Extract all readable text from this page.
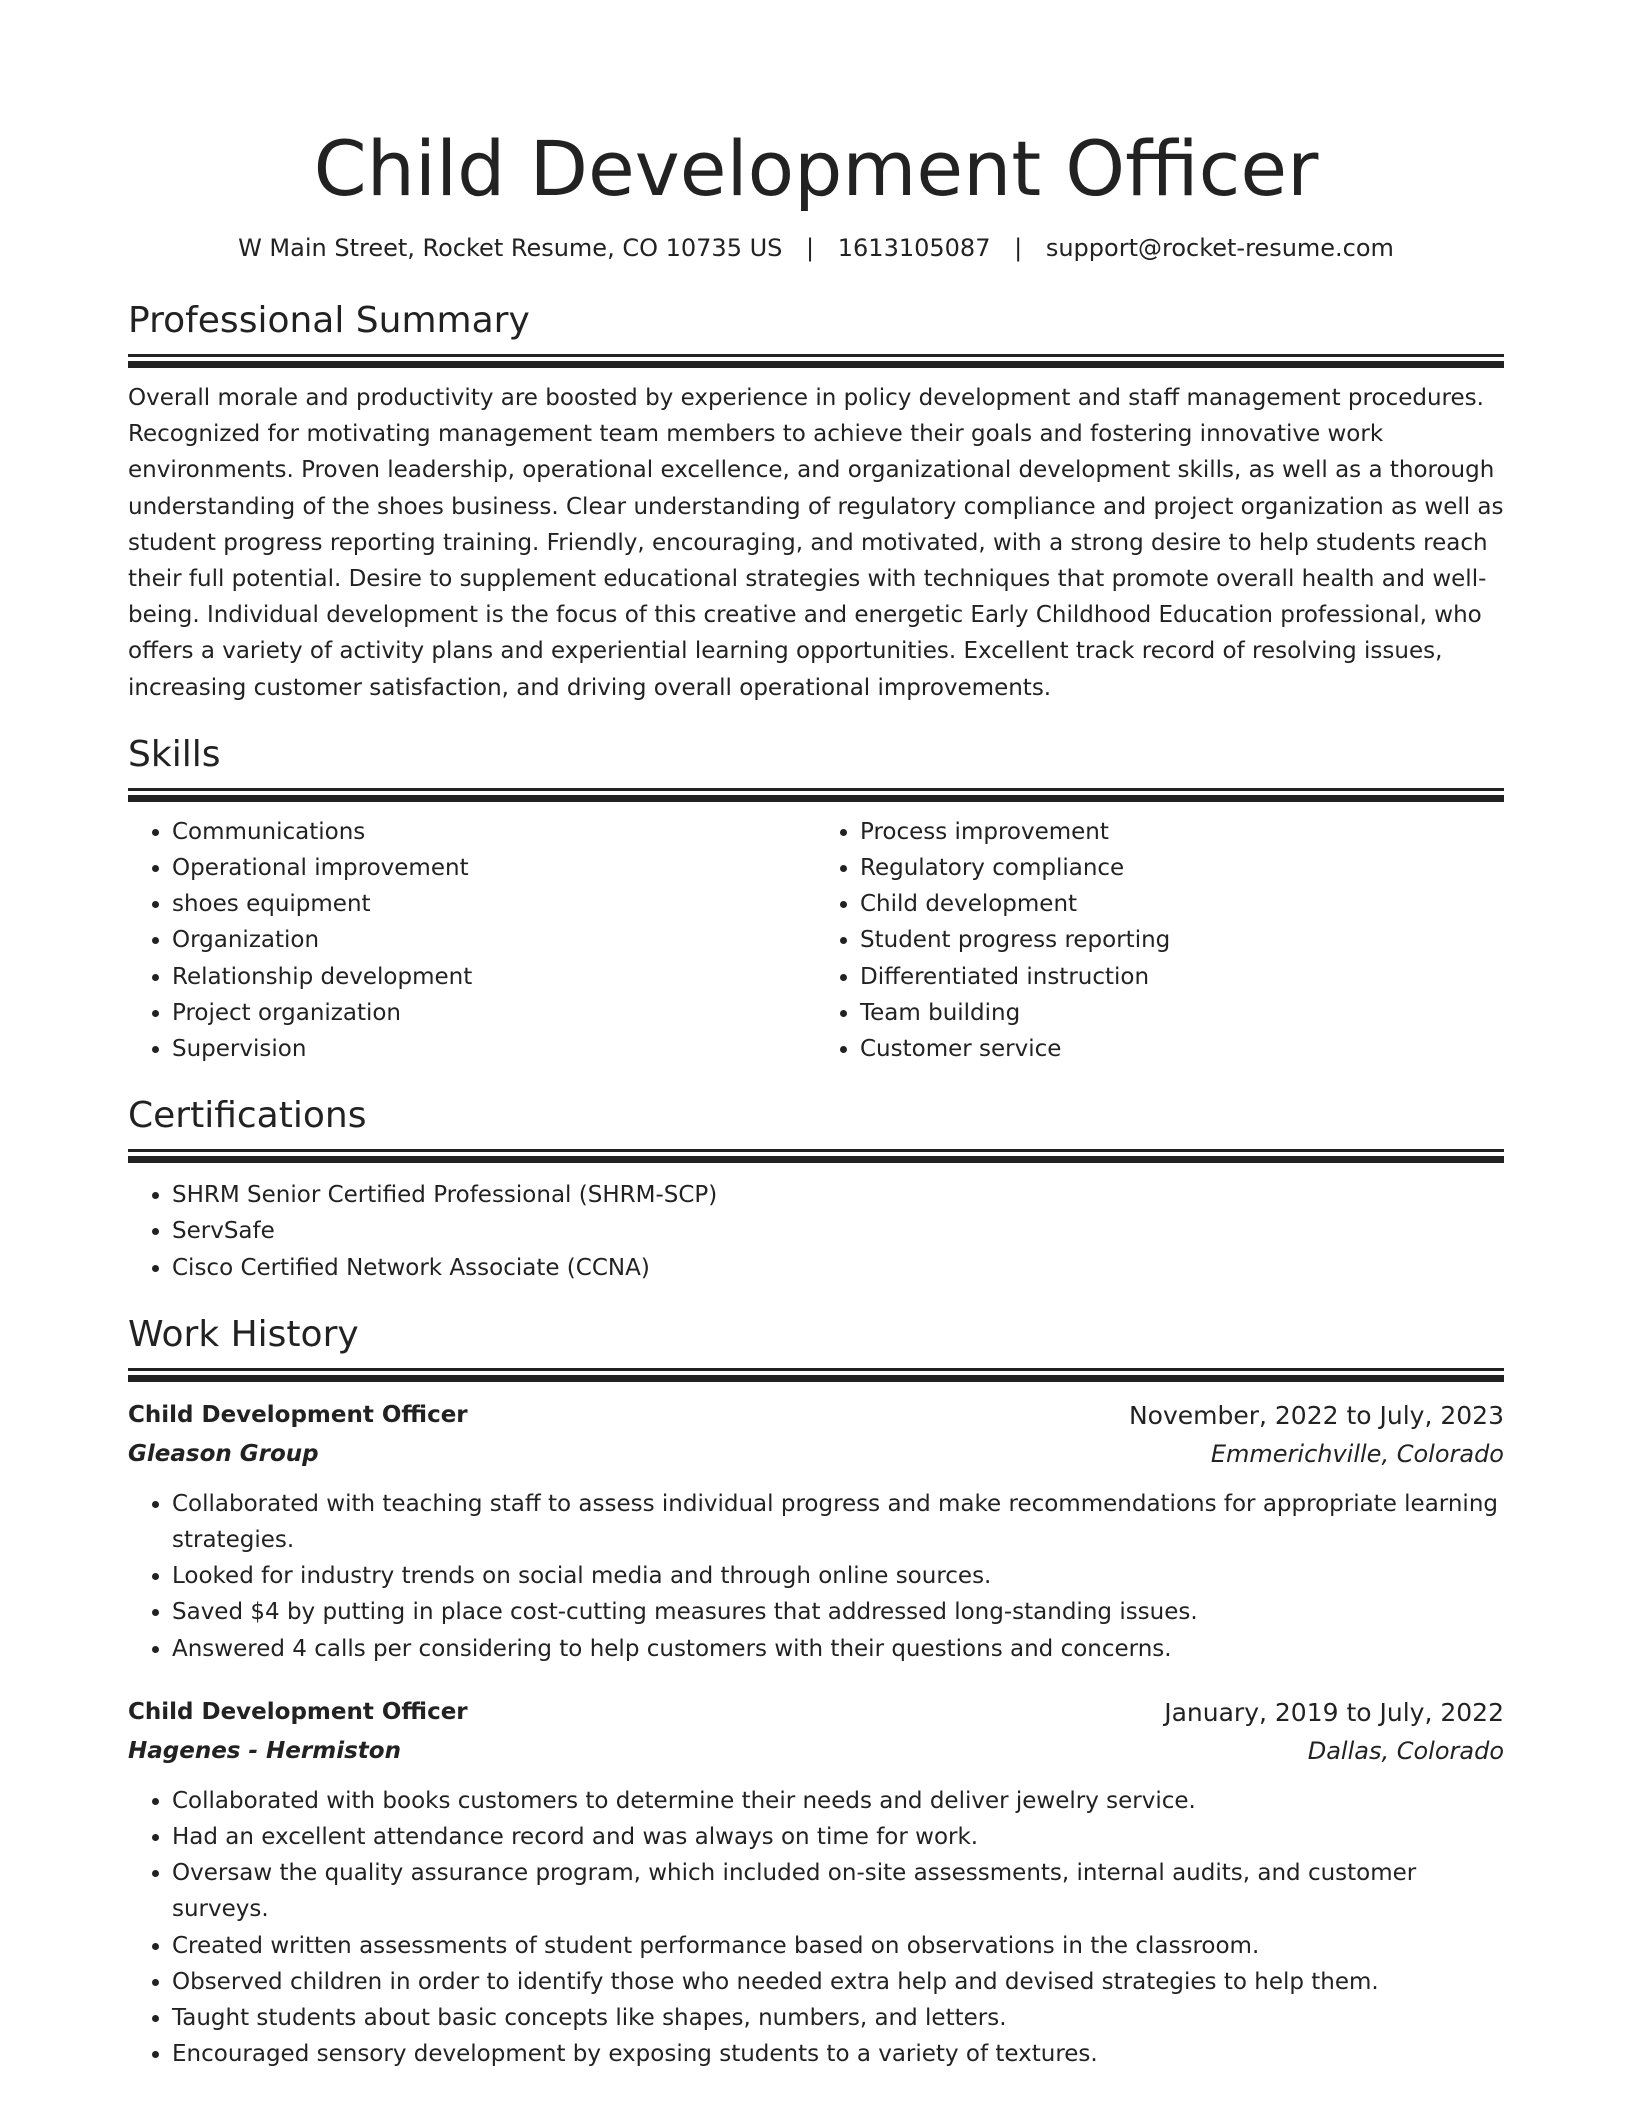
Child Development Officer
W Main Street, Rocket Resume, CO 10735 US | 1613105087 | support@rocket-resume.com
Professional Summary
Overall morale and productivity are boosted by experience in policy development and staff management procedures. Recognized for motivating management team members to achieve their goals and fostering innovative work environments. Proven leadership, operational excellence, and organizational development skills, as well as a thorough understanding of the shoes business. Clear understanding of regulatory compliance and project organization as well as student progress reporting training. Friendly, encouraging, and motivated, with a strong desire to help students reach their full potential. Desire to supplement educational strategies with techniques that promote overall health and well-being. Individual development is the focus of this creative and energetic Early Childhood Education professional, who offers a variety of activity plans and experiential learning opportunities. Excellent track record of resolving issues, increasing customer satisfaction, and driving overall operational improvements.
Skills
• Communications
• Operational improvement
• shoes equipment
• Organization
• Relationship development
• Project organization
• Supervision
• Process improvement
• Regulatory compliance
• Child development
• Student progress reporting
• Differentiated instruction
• Team building
• Customer service
Certifications
• SHRM Senior Certified Professional (SHRM-SCP)
• ServSafe
• Cisco Certified Network Associate (CCNA)
Work History
Child Development Officer	November, 2022 to July, 2023
Gleason Group	Emmerichville, Colorado
• Collaborated with teaching staff to assess individual progress and make recommendations for appropriate learning strategies.
• Looked for industry trends on social media and through online sources.
• Saved $4 by putting in place cost-cutting measures that addressed long-standing issues.
• Answered 4 calls per considering to help customers with their questions and concerns.
Child Development Officer	January, 2019 to July, 2022
Hagenes - Hermiston	Dallas, Colorado
• Collaborated with books customers to determine their needs and deliver jewelry service.
• Had an excellent attendance record and was always on time for work.
• Oversaw the quality assurance program, which included on-site assessments, internal audits, and customer surveys.
• Created written assessments of student performance based on observations in the classroom.
• Observed children in order to identify those who needed extra help and devised strategies to help them.
• Taught students about basic concepts like shapes, numbers, and letters.
• Encouraged sensory development by exposing students to a variety of textures.
